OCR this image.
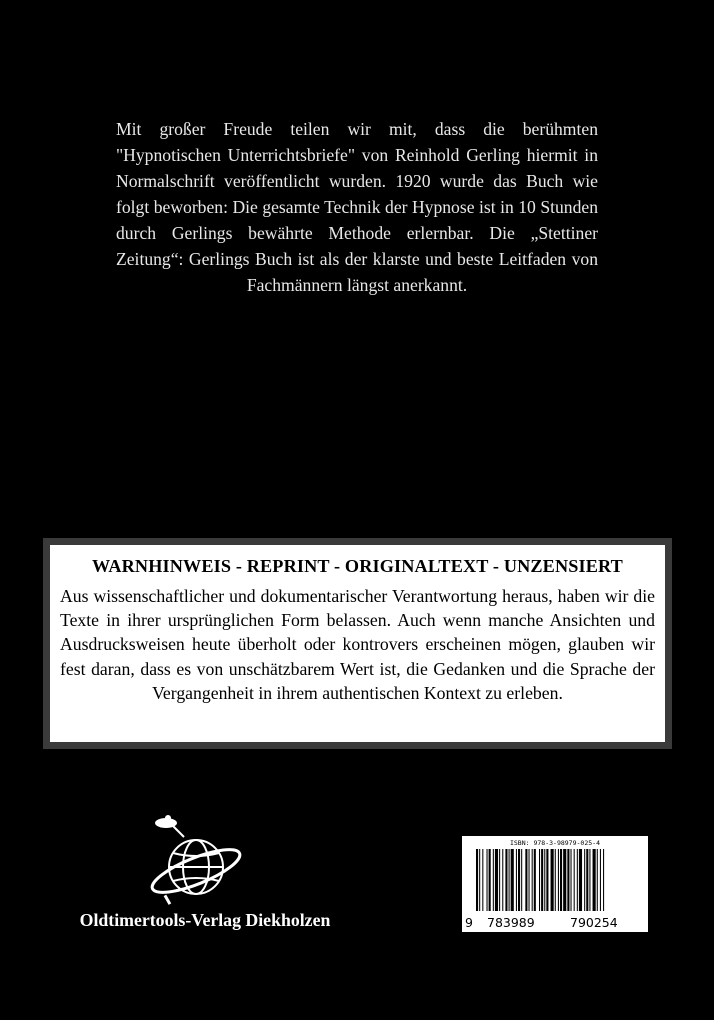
Mit großer Freude teilen wir mit, dass die berühmten "Hypnotischen Unterrichtsbriefe" von Reinhold Gerling hiermit in Normalschrift veröffentlicht wurden. 1920 wurde das Buch wie folgt beworben: Die gesamte Technik der Hypnose ist in 10 Stunden durch Gerlings bewährte Methode erlernbar. Die „Stettiner Zeitung“: Gerlings Buch ist als der klarste und beste Leitfaden von Fachmännern längst anerkannt.

WARNHINWEIS - REPRINT - ORIGINALTEXT - UNZENSIERT

Aus wissenschaftlicher und dokumentarischer Verantwortung heraus, haben wir die Texte in ihrer ursprünglichen Form belassen. Auch wenn manche Ansichten und Ausdrucksweisen heute überholt oder kontrovers erscheinen mögen, glauben wir fest daran, dass es von unschätzbarem Wert ist, die Gedanken und die Sprache der Vergangenheit in ihrem authentischen Kontext zu erleben.

Oldtimertools-Verlag Diekholzen

ISBN: 978-3-98979-025-4
9 783989	790254
